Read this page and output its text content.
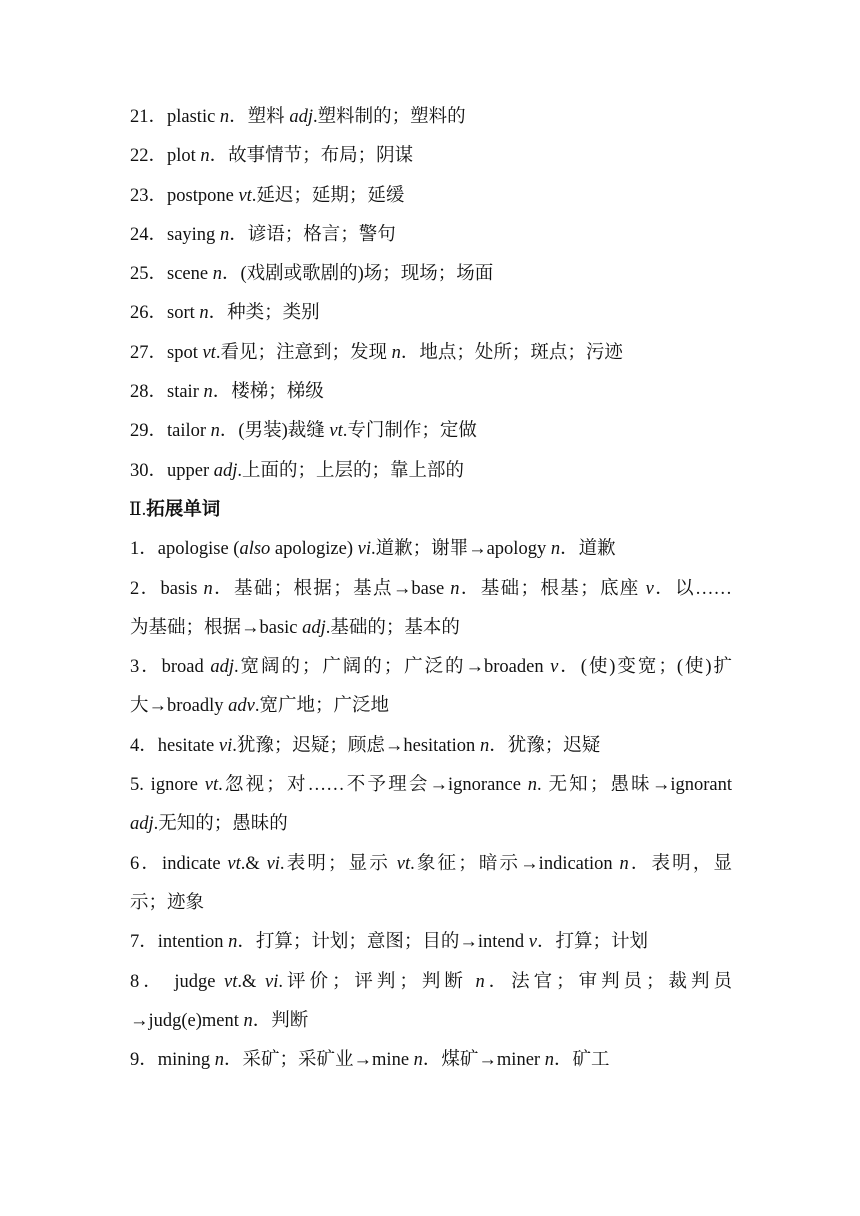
21．plastic n．塑料 adj.塑料制的；塑料的
22．plot n．故事情节；布局；阴谋
23．postpone vt.延迟；延期；延缓
24．saying n．谚语；格言；警句
25．scene n．(戏剧或歌剧的)场；现场；场面
26．sort n．种类；类别
27．spot vt.看见；注意到；发现 n．地点；处所；斑点；污迹
28．stair n．楼梯；梯级
29．tailor n．(男装)裁缝 vt.专门制作；定做
30．upper adj.上面的；上层的；靠上部的
Ⅱ.拓展单词
1．apologise (also apologize) vi.道歉；谢罪→apology n．道歉
2．basis n．基础；根据；基点→base n．基础；根基；底座 v．以……
为基础；根据→basic adj.基础的；基本的
3．broad adj.宽阔的；广阔的；广泛的→broaden v．(使)变宽；(使)扩
大→broadly adv.宽广地；广泛地
4．hesitate vi.犹豫；迟疑；顾虑→hesitation n．犹豫；迟疑
5. ignore vt.忽视；对……不予理会→ignorance n. 无知；愚昧→ignorant
adj.无知的；愚昧的
6．indicate vt.& vi.表明；显示 vt.象征；暗示→indication n．表明，显
示；迹象
7．intention n．打算；计划；意图；目的→intend v．打算；计划
8． judge vt.& vi.评价；评判；判断 n．法官；审判员；裁判员
→judg(e)ment n．判断
9．mining n．采矿；采矿业→mine n．煤矿→miner n．矿工
